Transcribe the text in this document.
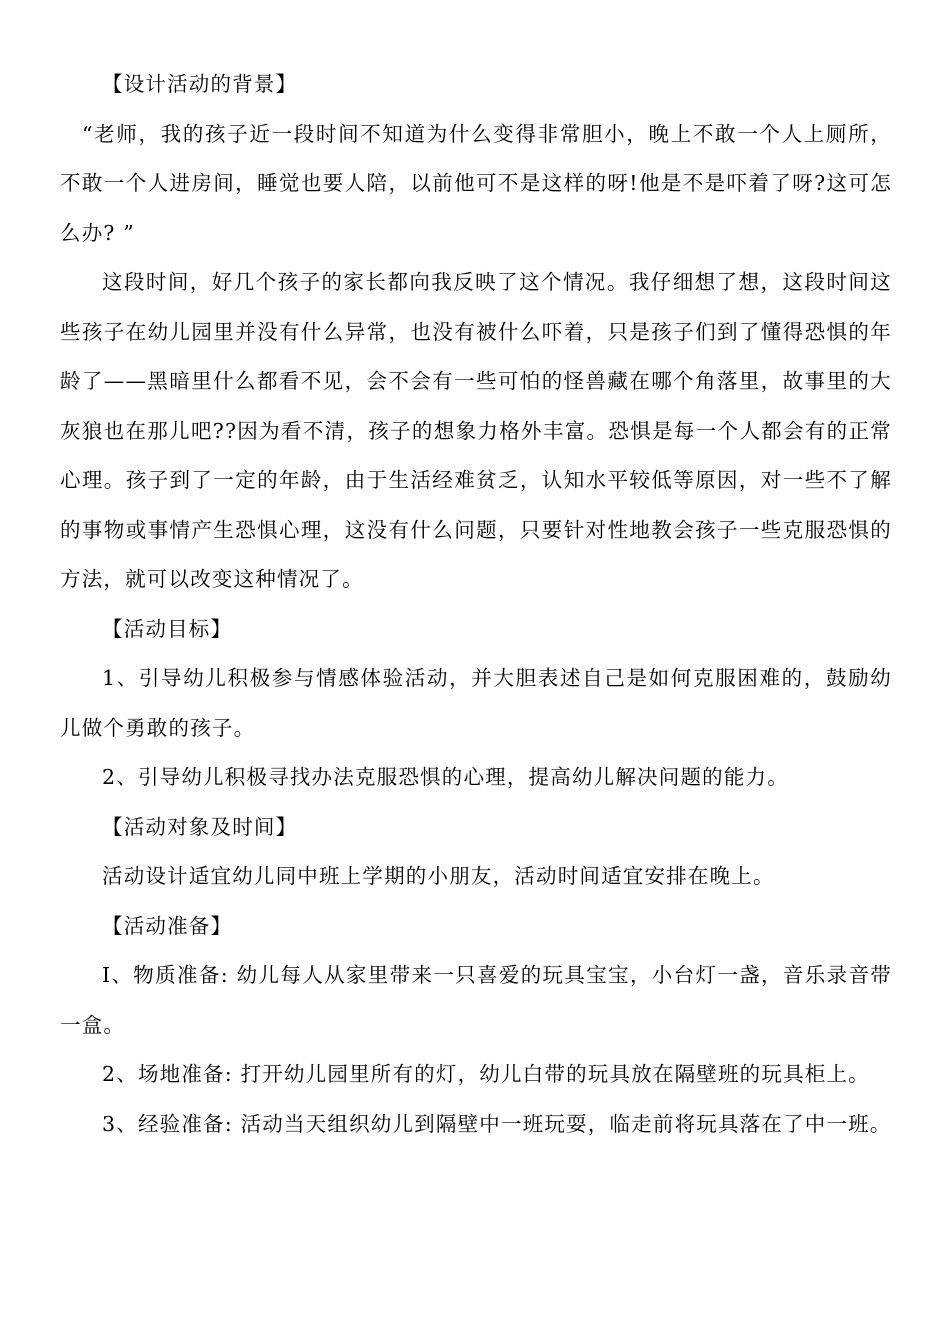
【设计活动的背景】

“老师，我的孩子近一段时间不知道为什么变得非常胆小，晚上不敢一个人上厕所，不敢一个人进房间，睡觉也要人陪，以前他可不是这样的呀!他是不是吓着了呀?这可怎么办? ”

这段时间，好几个孩子的家长都向我反映了这个情况。我仔细想了想，这段时间这些孩子在幼儿园里并没有什么异常，也没有被什么吓着，只是孩子们到了懂得恐惧的年龄了——黑暗里什么都看不见，会不会有一些可怕的怪兽藏在哪个角落里，故事里的大灰狼也在那儿吧??因为看不清，孩子的想象力格外丰富。恐惧是每一个人都会有的正常心理。孩子到了一定的年龄，由于生活经难贫乏，认知水平较低等原因，对一些不了解的事物或事情产生恐惧心理，这没有什么问题，只要针对性地教会孩子一些克服恐惧的方法，就可以改变这种情况了。

【活动目标】

1、引导幼儿积极参与情感体验活动，并大胆表述自己是如何克服困难的，鼓励幼儿做个勇敢的孩子。

2、引导幼儿积极寻找办法克服恐惧的心理，提高幼儿解决问题的能力。

【活动对象及时间】

活动设计适宜幼儿同中班上学期的小朋友，活动时间适宜安排在晚上。

【活动准备】

I、物质准备: 幼儿每人从家里带来一只喜爱的玩具宝宝，小台灯一盏，音乐录音带一盒。

2、场地准备: 打开幼儿园里所有的灯，幼儿白带的玩具放在隔壁班的玩具柜上。

3、经验准备: 活动当天组织幼儿到隔壁中一班玩耍，临走前将玩具落在了中一班。
